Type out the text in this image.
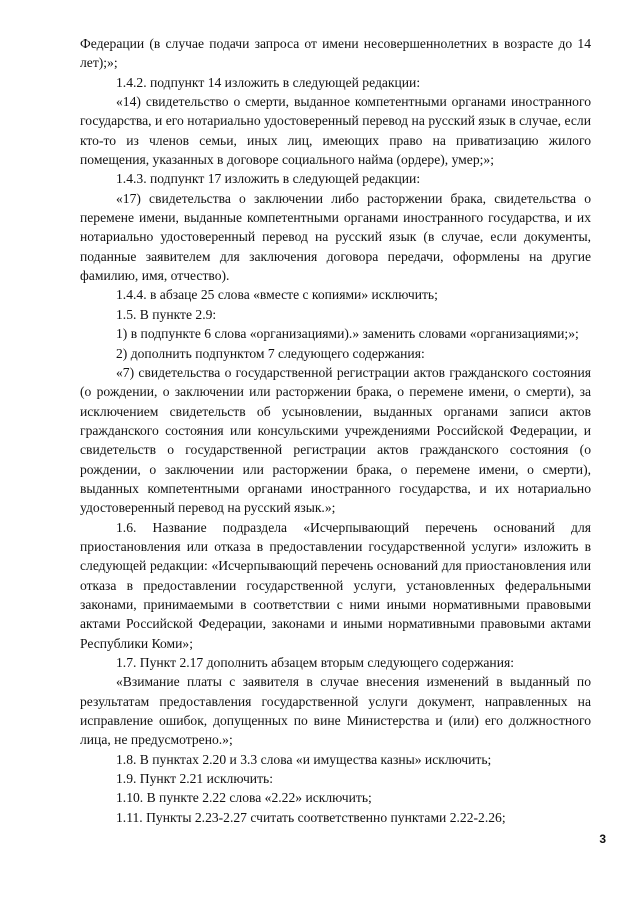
Федерации (в случае подачи запроса от имени несовершеннолетних в возрасте до 14 лет);»;

1.4.2. подпункт 14 изложить в следующей редакции:

«14) свидетельство о смерти, выданное компетентными органами иностранного государства, и его нотариально удостоверенный перевод на русский язык в случае, если кто-то из членов семьи, иных лиц, имеющих право на приватизацию жилого помещения, указанных в договоре социального найма (ордере), умер;»;

1.4.3. подпункт 17 изложить в следующей редакции:

«17) свидетельства о заключении либо расторжении брака, свидетельства о перемене имени, выданные компетентными органами иностранного государства, и их нотариально удостоверенный перевод на русский язык (в случае, если документы, поданные заявителем для заключения договора передачи, оформлены на другие фамилию, имя, отчество).

1.4.4. в абзаце 25 слова «вместе с копиями» исключить;

1.5. В пункте 2.9:

1) в подпункте 6 слова «организациями).» заменить словами «организациями;»;

2) дополнить подпунктом 7 следующего содержания:

«7) свидетельства о государственной регистрации актов гражданского состояния (о рождении, о заключении или расторжении брака, о перемене имени, о смерти), за исключением свидетельств об усыновлении, выданных органами записи актов гражданского состояния или консульскими учреждениями Российской Федерации, и свидетельств о государственной регистрации актов гражданского состояния (о рождении, о заключении или расторжении брака, о перемене имени, о смерти), выданных компетентными органами иностранного государства, и их нотариально удостоверенный перевод на русский язык.»;

1.6. Название подраздела «Исчерпывающий перечень оснований для приостановления или отказа в предоставлении государственной услуги» изложить в следующей редакции: «Исчерпывающий перечень оснований для приостановления или отказа в предоставлении государственной услуги, установленных федеральными законами, принимаемыми в соответствии с ними иными нормативными правовыми актами Российской Федерации, законами и иными нормативными правовыми актами Республики Коми»;

1.7. Пункт 2.17 дополнить абзацем вторым следующего содержания:

«Взимание платы с заявителя в случае внесения изменений в выданный по результатам предоставления государственной услуги документ, направленных на исправление ошибок, допущенных по вине Министерства и (или) его должностного лица, не предусмотрено.»;

1.8. В пунктах 2.20 и 3.3 слова «и имущества казны» исключить;

1.9. Пункт 2.21 исключить:

1.10. В пункте 2.22 слова «2.22» исключить;

1.11. Пункты 2.23-2.27 считать соответственно пунктами 2.22-2.26;

3
